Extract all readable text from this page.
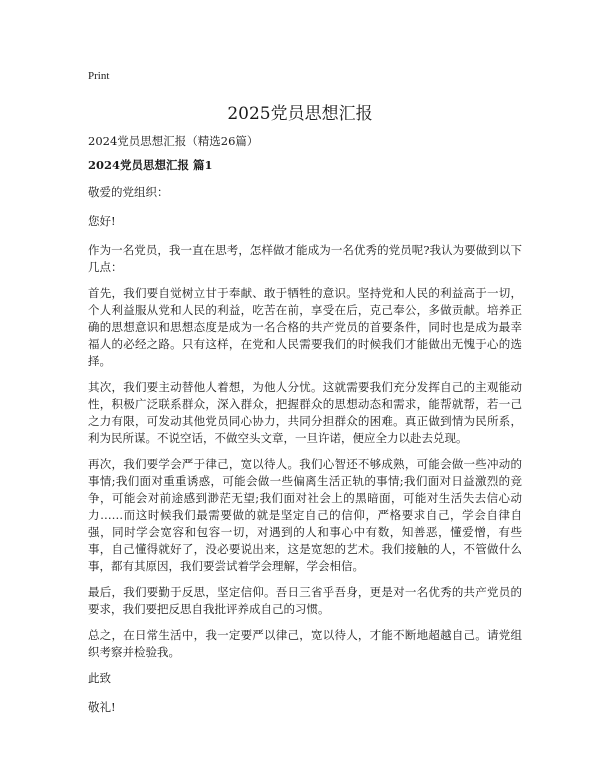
Print
2025党员思想汇报

2024党员思想汇报（精选26篇）

2024党员思想汇报 篇1

敬爱的党组织：

您好!

作为一名党员，我一直在思考，怎样做才能成为一名优秀的党员呢?我认为要做到以下几点：

首先，我们要自觉树立甘于奉献、敢于牺牲的意识。坚持党和人民的利益高于一切，个人利益服从党和人民的利益，吃苦在前，享受在后，克己奉公，多做贡献。培养正确的思想意识和思想态度是成为一名合格的共产党员的首要条件，同时也是成为最幸福人的必经之路。只有这样，在党和人民需要我们的时候我们才能做出无愧于心的选择。

其次，我们要主动替他人着想，为他人分忧。这就需要我们充分发挥自己的主观能动性，积极广泛联系群众，深入群众，把握群众的思想动态和需求，能帮就帮，若一己之力有限，可发动其他党员同心协力，共同分担群众的困难。真正做到情为民所系，利为民所谋。不说空话，不做空头文章，一旦许诺，便应全力以赴去兑现。

再次，我们要学会严于律己，宽以待人。我们心智还不够成熟，可能会做一些冲动的事情;我们面对重重诱惑，可能会做一些偏离生活正轨的事情;我们面对日益激烈的竞争，可能会对前途感到渺茫无望;我们面对社会上的黑暗面，可能对生活失去信心动力……而这时候我们最需要做的就是坚定自己的信仰，严格要求自己，学会自律自强，同时学会宽容和包容一切，对遇到的人和事心中有数，知善恶，懂爱憎，有些事，自己懂得就好了，没必要说出来，这是宽恕的艺术。我们接触的人，不管做什么事，都有其原因，我们要尝试着学会理解，学会相信。

最后，我们要勤于反思，坚定信仰。吾日三省乎吾身，更是对一名优秀的共产党员的要求，我们要把反思自我批评养成自己的习惯。

总之，在日常生活中，我一定要严以律己，宽以待人，才能不断地超越自己。请党组织考察并检验我。

此致

敬礼!
